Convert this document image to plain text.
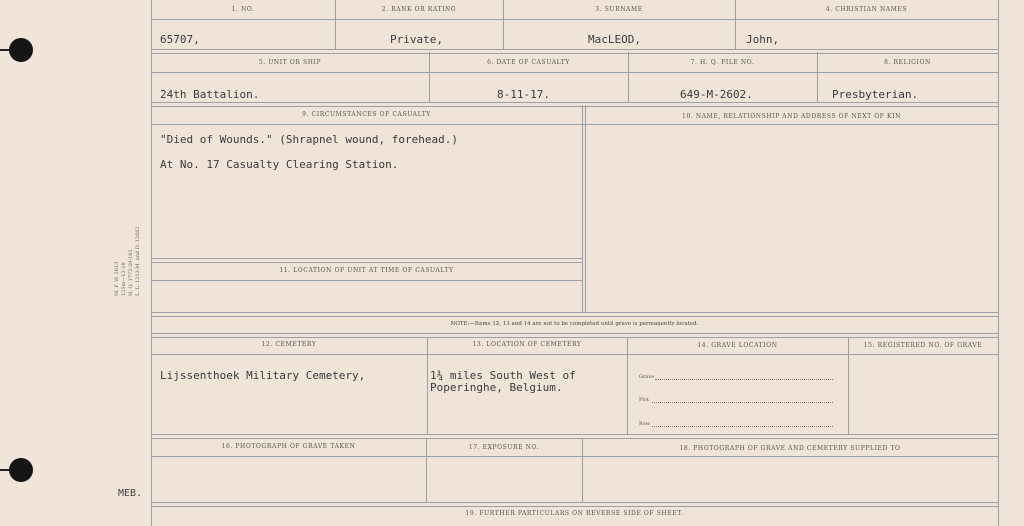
M. F. W. 2613 125m—12-18 H. Q. 1772-39-163 L. L. 1213-M. and D. 12662
MEB.
1. NO.	2. RANK OR RATING	3. SURNAME	4. CHRISTIAN NAMES
65707,	Private,	MacLEOD,	John,
5. UNIT OR SHIP	6. DATE OF CASUALTY	7. H. Q. FILE NO.	8. RELIGION
24th Battalion.	8-11-17.	649-M-2602.	Presbyterian.
9. CIRCUMSTANCES OF CASUALTY	10. NAME, RELATIONSHIP AND ADDRESS OF NEXT OF KIN
"Died of Wounds." (Shrapnel wound, forehead.)
At No. 17 Casualty Clearing Station.
11. LOCATION OF UNIT AT TIME OF CASUALTY
NOTE:—Items 12, 13 and 14 are not to be completed until grave is permanently located.
12. CEMETERY	13. LOCATION OF CEMETERY	14. GRAVE LOCATION	15. REGISTERED NO. OF GRAVE
Lijssenthoek Military Cemetery,	1¾ miles South West of
Poperinghe, Belgium.
Grave
Plot
Row
16. PHOTOGRAPH OF GRAVE TAKEN	17. EXPOSURE NO.	18. PHOTOGRAPH OF GRAVE AND CEMETERY SUPPLIED TO
19. FURTHER PARTICULARS ON REVERSE SIDE OF SHEET.
